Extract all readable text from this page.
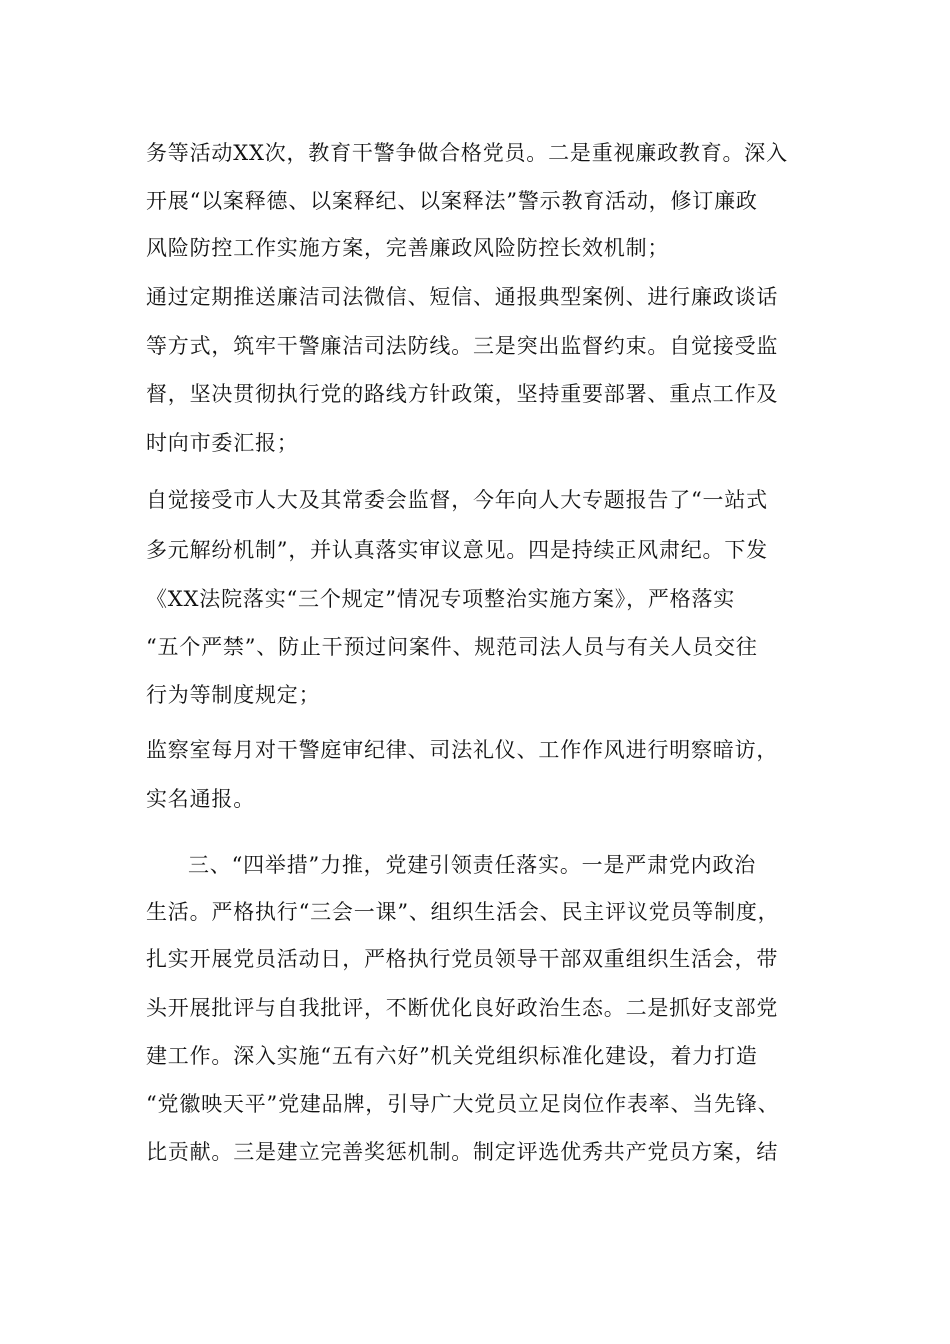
务等活动XX次，教育干警争做合格党员。二是重视廉政教育。深入
开展“以案释德、以案释纪、以案释法”警示教育活动，修订廉政
风险防控工作实施方案，完善廉政风险防控长效机制；
通过定期推送廉洁司法微信、短信、通报典型案例、进行廉政谈话
等方式，筑牢干警廉洁司法防线。三是突出监督约束。自觉接受监
督，坚决贯彻执行党的路线方针政策，坚持重要部署、重点工作及
时向市委汇报；
自觉接受市人大及其常委会监督，今年向人大专题报告了“一站式
多元解纷机制”，并认真落实审议意见。四是持续正风肃纪。下发
《XX法院落实“三个规定”情况专项整治实施方案》，严格落实
“五个严禁”、防止干预过问案件、规范司法人员与有关人员交往
行为等制度规定；
监察室每月对干警庭审纪律、司法礼仪、工作作风进行明察暗访，
实名通报。
三、“四举措”力推，党建引领责任落实。一是严肃党内政治
生活。严格执行“三会一课”、组织生活会、民主评议党员等制度，
扎实开展党员活动日，严格执行党员领导干部双重组织生活会，带
头开展批评与自我批评，不断优化良好政治生态。二是抓好支部党
建工作。深入实施“五有六好”机关党组织标准化建设，着力打造
“党徽映天平”党建品牌，引导广大党员立足岗位作表率、当先锋、
比贡献。三是建立完善奖惩机制。制定评选优秀共产党员方案，结
